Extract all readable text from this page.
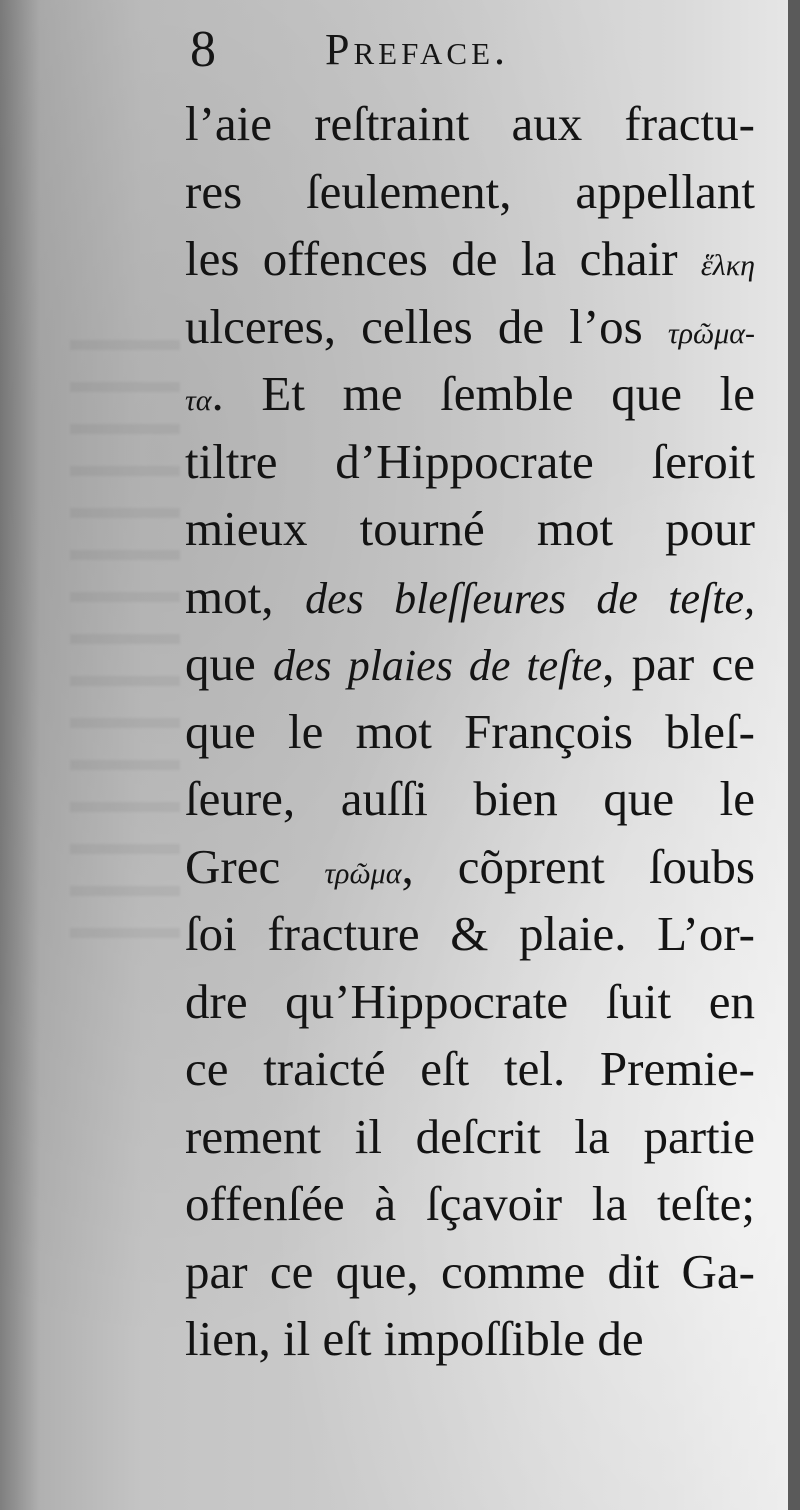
8 Preface.
l’aie reſtraint aux fractu-
res ſeulement, appellant
les offences de la chair ἕλκη
ulceres, celles de l’os τρῶμα-
τα. Et me ſemble que le
tiltre d’Hippocrate ſeroit
mieux tourné mot pour
mot, des bleſſeures de teſte,
que des plaies de teſte, par ce
que le mot François bleſ-
ſeure, auſſi bien que le
Grec τρῶμα, cõprent ſoubs
ſoi fracture & plaie. L’or-
dre qu’Hippocrate ſuit en
ce traicté eſt tel. Premie-
rement il deſcrit la partie
offenſée à ſçavoir la teſte;
par ce que, comme dit Ga-
lien, il eſt impoſſible de
